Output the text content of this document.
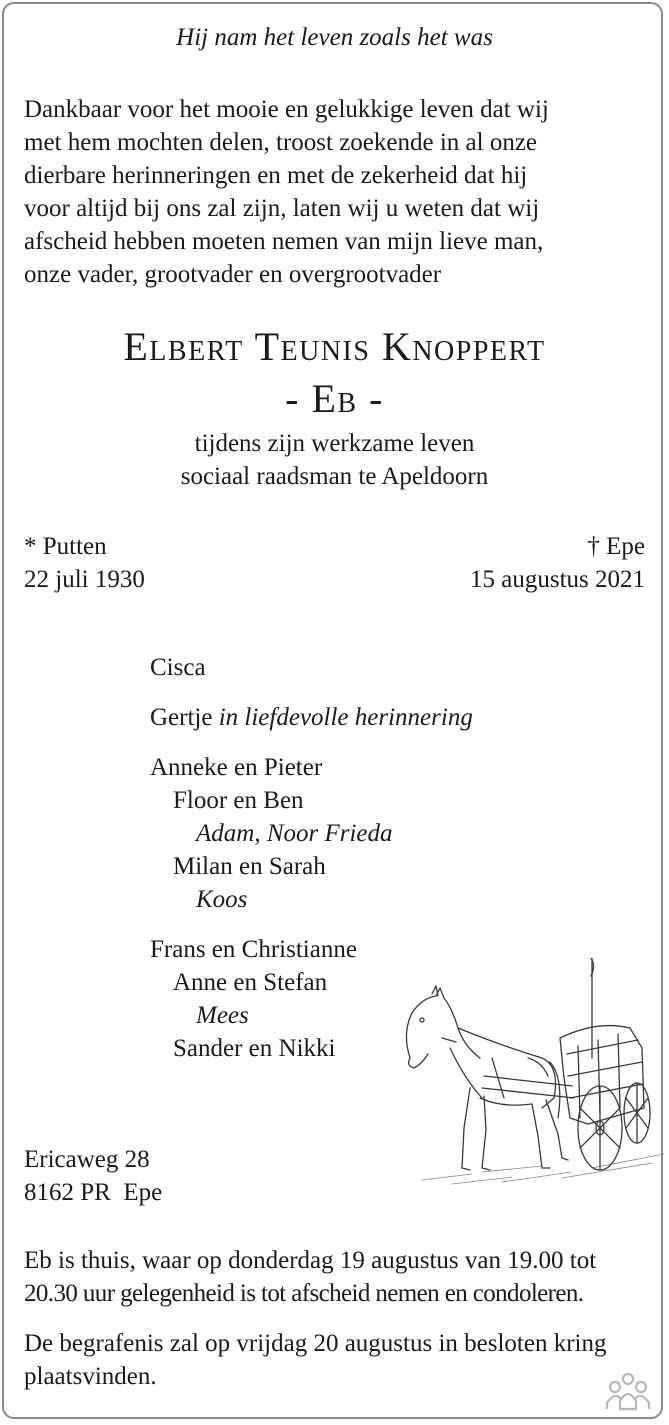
Hij nam het leven zoals het was
Dankbaar voor het mooie en gelukkige leven dat wij
met hem mochten delen, troost zoekende in al onze
dierbare herinneringen en met de zekerheid dat hij
voor altijd bij ons zal zijn, laten wij u weten dat wij
afscheid hebben moeten nemen van mijn lieve man,
onze vader, grootvader en overgrootvader
Elbert Teunis Knoppert
- Eb -
tijdens zijn werkzame leven
sociaal raadsman te Apeldoorn
* Putten
22 juli 1930
† Epe
15 augustus 2021
Cisca
Gertje in liefdevolle herinnering
Anneke en Pieter
Floor en Ben
Adam, Noor Frieda
Milan en Sarah
Koos
Frans en Christianne
Anne en Stefan
Mees
Sander en Nikki
Ericaweg 28
8162 PR  Epe
Eb is thuis, waar op donderdag 19 augustus van 19.00 tot
20.30 uur gelegenheid is tot afscheid nemen en condoleren.
De begrafenis zal op vrijdag 20 augustus in besloten kring
plaatsvinden.
